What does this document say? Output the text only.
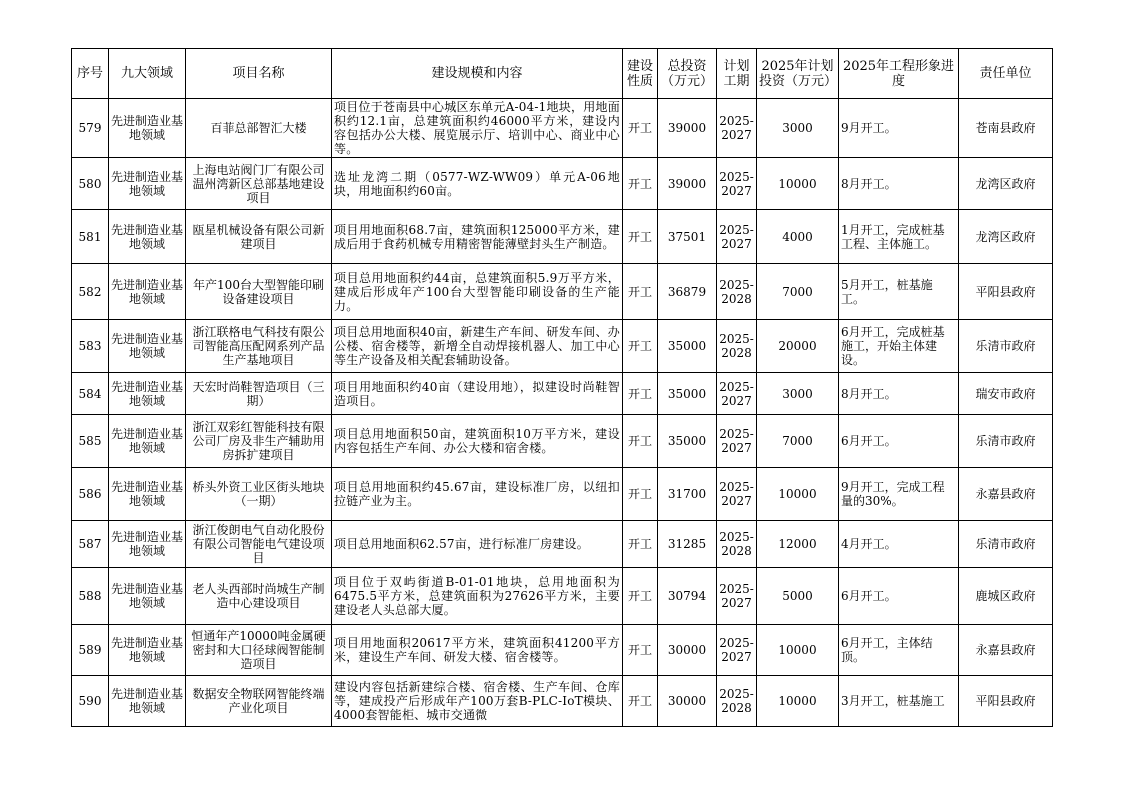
序号	九大领域	项目名称	建设规模和内容	建设性质	总投资（万元）	计划工期	2025年计划投资（万元）	2025年工程形象进度	责任单位
579	先进制造业基地领域	百菲总部智汇大楼	项目位于苍南县中心城区东单元A-04-1地块，用地面积约12.1亩，总建筑面积约46000平方米，建设内容包括办公大楼、展览展示厅、培训中心、商业中心等。	开工	39000	2025-2027	3000	9月开工。	苍南县政府
580	先进制造业基地领域	上海电站阀门厂有限公司温州湾新区总部基地建设项目	选址龙湾二期（0577-WZ-WW09）单元A-06地块，用地面积约60亩。	开工	39000	2025-2027	10000	8月开工。	龙湾区政府
581	先进制造业基地领域	瓯星机械设备有限公司新建项目	项目用地面积68.7亩，建筑面积125000平方米，建成后用于食药机械专用精密智能薄壁封头生产制造。	开工	37501	2025-2027	4000	1月开工，完成桩基工程、主体施工。	龙湾区政府
582	先进制造业基地领域	年产100台大型智能印刷设备建设项目	项目总用地面积约44亩，总建筑面积5.9万平方米，建成后形成年产100台大型智能印刷设备的生产能力。	开工	36879	2025-2028	7000	5月开工，桩基施工。	平阳县政府
583	先进制造业基地领域	浙江联格电气科技有限公司智能高压配网系列产品生产基地项目	项目总用地面积40亩，新建生产车间、研发车间、办公楼、宿舍楼等，新增全自动焊接机器人、加工中心等生产设备及相关配套辅助设备。	开工	35000	2025-2028	20000	6月开工，完成桩基施工，开始主体建设。	乐清市政府
584	先进制造业基地领域	天宏时尚鞋智造项目（三期）	项目用地面积约40亩（建设用地），拟建设时尚鞋智造项目。	开工	35000	2025-2027	3000	8月开工。	瑞安市政府
585	先进制造业基地领域	浙江双彩红智能科技有限公司厂房及非生产辅助用房拆扩建项目	项目总用地面积50亩，建筑面积10万平方米，建设内容包括生产车间、办公大楼和宿舍楼。	开工	35000	2025-2027	7000	6月开工。	乐清市政府
586	先进制造业基地领域	桥头外资工业区街头地块（一期）	项目总用地面积约45.67亩，建设标准厂房，以纽扣拉链产业为主。	开工	31700	2025-2027	10000	9月开工，完成工程量的30%。	永嘉县政府
587	先进制造业基地领域	浙江俊朗电气自动化股份有限公司智能电气建设项目	项目总用地面积62.57亩，进行标准厂房建设。	开工	31285	2025-2028	12000	4月开工。	乐清市政府
588	先进制造业基地领域	老人头西部时尚城生产制造中心建设项目	项目位于双屿街道B-01-01地块，总用地面积为6475.5平方米，总建筑面积为27626平方米，主要建设老人头总部大厦。	开工	30794	2025-2027	5000	6月开工。	鹿城区政府
589	先进制造业基地领域	恒通年产10000吨金属硬密封和大口径球阀智能制造项目	项目用地面积20617平方米，建筑面积41200平方米，建设生产车间、研发大楼、宿舍楼等。	开工	30000	2025-2027	10000	6月开工，主体结顶。	永嘉县政府
590	先进制造业基地领域	数据安全物联网智能终端产业化项目	建设内容包括新建综合楼、宿舍楼、生产车间、仓库等，建成投产后形成年产100万套B-PLC-IoT模块、4000套智能柜、城市交通微	开工	30000	2025-2028	10000	3月开工，桩基施工	平阳县政府
